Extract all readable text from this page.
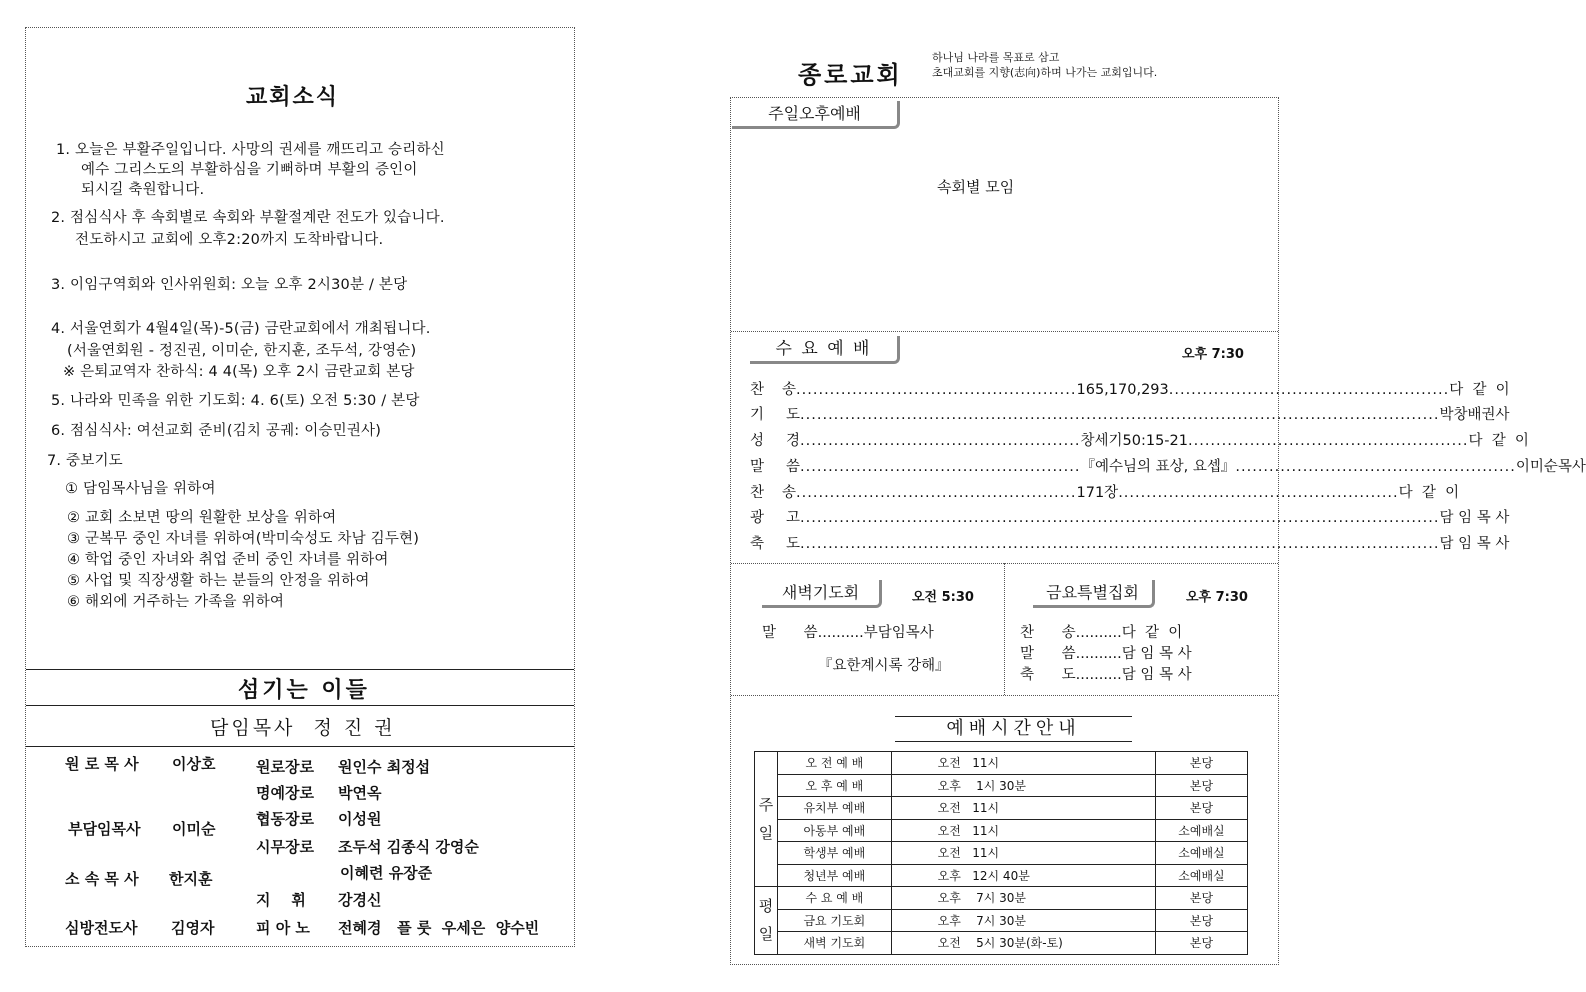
교회소식
1. 오늘은 부활주일입니다. 사망의 권세를 깨뜨리고 승리하신
예수 그리스도의 부활하심을 기뻐하며 부활의 증인이
되시길 축원합니다.
2. 점심식사 후 속회별로 속회와 부활절계란 전도가 있습니다.
전도하시고 교회에 오후2:20까지 도착바랍니다.
3. 이임구역회와 인사위원회: 오늘 오후 2시30분 / 본당
4. 서울연회가 4월4일(목)-5(금) 금란교회에서 개최됩니다.
(서울연회원 - 정진권, 이미순, 한지훈, 조두석, 강영순)
※ 은퇴교역자 찬하식: 4 4(목) 오후 2시 금란교회 본당
5. 나라와 민족을 위한 기도회: 4. 6(토) 오전 5:30 / 본당
6. 점심식사: 여선교회 준비(김치 공궤: 이승민권사)
7. 중보기도
① 담임목사님을 위하여
② 교회 소보면 땅의 원활한 보상을 위하여
③ 군복무 중인 자녀를 위하여(박미숙성도 차남 김두현)
④ 학업 중인 자녀와 취업 준비 중인 자녀를 위하여
⑤ 사업 및 직장생활 하는 분들의 안정을 위하여
⑥ 해외에 거주하는 가족을 위하여
섬기는 이들
담임목사  정 진 권
원 로 목 사 이상호
부담임목사 이미순
소 속 목 사 한지훈
심방전도사 김영자
원로장로 원인수 최정섭
명예장로 박연옥
협동장로 이성원
시무장로 조두석 김종식 강영순
이혜련 유장준
지    휘 강경신
피 아 노 전혜경   플 룻  우세은  양수빈
종로교회
하나님 나라를 목표로 삼고
초대교회를 지향(志向)하며 나가는 교회입니다.
주일오후예배
속회별 모임
수 요 예 배	오후 7:30
찬	송 .................................................. 165,170,293 .................................................. 다  같  이
기	도 .................................................................................................................. 박창배권사
성	경 .................................................. 창세기50:15-21 .................................................. 다  같  이
말	씀 .................................................. 『예수님의 표상, 요셉』 .................................................. 이미순목사
찬	송 .................................................. 171장 .................................................. 다  같  이
광	고 .................................................................................................................. 담 임 목 사
축	도 .................................................................................................................. 담 임 목 사
새벽기도회	오전 5:30
말      씀..........부담임목사
『요한계시록 강해』
금요특별집회	오후 7:30
찬      송..........다  같  이
말      씀..........담 임 목 사
축      도..........담 임 목 사
예배시간안내
주
일	오 전 예 배	오전   11시	본당
	오 후 예 배	오후    1시 30분	본당
	유치부 예배	오전   11시	본당
	아동부 예배	오전   11시	소예배실
	학생부 예배	오전   11시	소예배실
	청년부 예배	오후   12시 40분	소예배실
평
일	수 요 예 배	오후    7시 30분	본당
	금요 기도회	오후    7시 30분	본당
	새벽 기도회	오전    5시 30분(화-토)	본당
